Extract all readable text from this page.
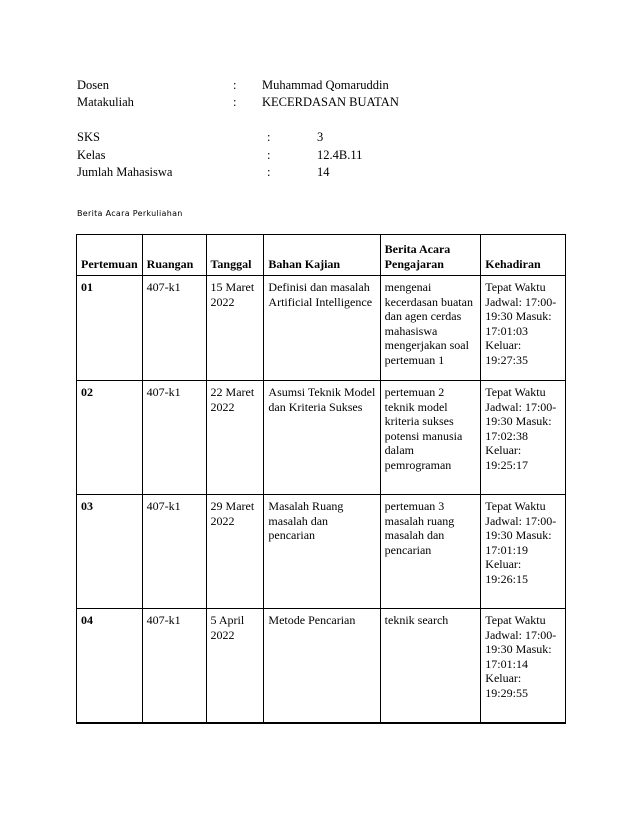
Dosen	: Muhammad Qomaruddin
Matakuliah	: KECERDASAN BUATAN
SKS	:	3
Kelas	:	12.4B.11
Jumlah Mahasiswa	:	14
Berita Acara Perkuliahan
Pertemuan	Ruangan	Tanggal	Bahan Kajian	Berita Acara Pengajaran	Kehadiran
01	407-k1	15 Maret 2022	Definisi dan masalah Artificial Intelligence	mengenai kecerdasan buatan dan agen cerdas mahasiswa mengerjakan soal pertemuan 1	Tepat Waktu Jadwal: 17:00-19:30 Masuk: 17:01:03 Keluar: 19:27:35
02	407-k1	22 Maret 2022	Asumsi Teknik Model dan Kriteria Sukses	pertemuan 2 teknik model kriteria sukses potensi manusia dalam pemrograman	Tepat Waktu Jadwal: 17:00-19:30 Masuk: 17:02:38 Keluar: 19:25:17
03	407-k1	29 Maret 2022	Masalah Ruang masalah dan pencarian	pertemuan 3 masalah ruang masalah dan pencarian	Tepat Waktu Jadwal: 17:00-19:30 Masuk: 17:01:19 Keluar: 19:26:15
04	407-k1	5 April 2022	Metode Pencarian	teknik search	Tepat Waktu Jadwal: 17:00-19:30 Masuk: 17:01:14 Keluar: 19:29:55
